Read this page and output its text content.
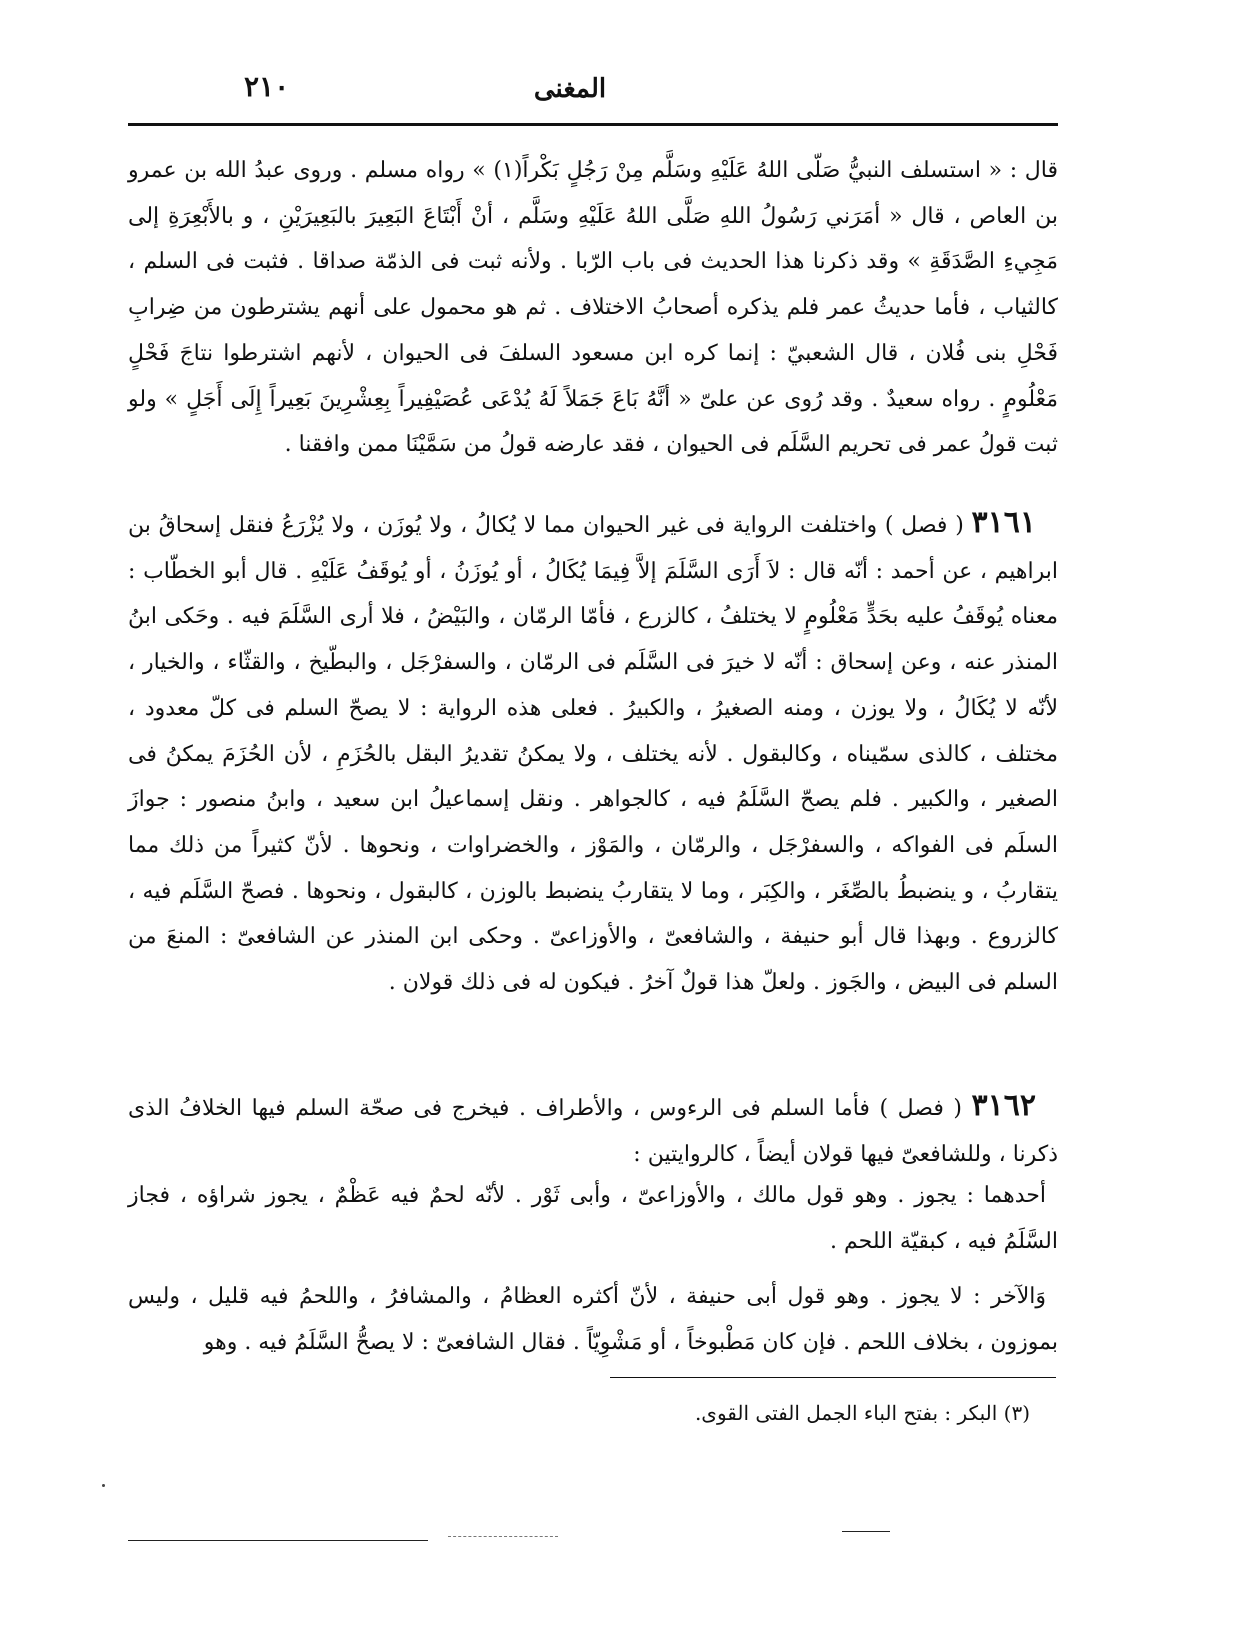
٢١٠	المغنى
قال : « استسلف النبيُّ صَلّى اللهُ عَلَيْهِ وسَلَّم مِنْ رَجُلٍ بَكْراً(١) » رواه مسلم . وروى عبدُ الله بن عمرو بن العاص ، قال « أمَرَني رَسُولُ اللهِ صَلَّى اللهُ عَلَيْهِ وسَلَّم ، أنْ أَبْتَاعَ البَعِيرَ بالبَعِيرَيْنِ ، و بالأَبْعِرَةِ إلى مَجِيءِ الصَّدَقَةِ » وقد ذكرنا هذا الحديث فى باب الرّبا . ولأنه ثبت فى الذمّة صداقا . فثبت فى السلم ، كالثياب ، فأما حديثُ عمر فلم يذكره أصحابُ الاختلاف . ثم هو محمول على أنهم يشترطون من ضِرابِ فَحْلِ بنى فُلان ، قال الشعبيّ : إنما كره ابن مسعود السلفَ فى الحيوان ، لأنهم اشترطوا نتاجَ فَحْلٍ مَعْلُومٍ . رواه سعيدٌ . وقد رُوى عن علىّ « أنَّهُ بَاعَ جَمَلاً لَهُ يُدْعَى عُصَيْفِيراً بِعِشْرِينَ بَعِيراً إِلَى أَجَلٍ » ولو ثبت قولُ عمر فى تحريم السَّلَم فى الحيوان ، فقد عارضه قولُ من سَمَّيْنَا ممن وافقنا .
٣١٦١ ( فصل ) واختلفت الرواية فى غير الحيوان مما لا يُكالُ ، ولا يُوزَن ، ولا يُزْرَعُ فنقل إسحاقُ بن ابراهيم ، عن أحمد : أنّه قال : لاَ أَرَى السَّلَمَ إلاَّ فِيمَا يُكَالُ ، أو يُوزَنُ ، أو يُوقَفُ عَلَيْهِ . قال أبو الخطّاب : معناه يُوقَفُ عليه بحَدٍّ مَعْلُومٍ لا يختلفُ ، كالزرع ، فأمّا الرمّان ، والبَيْضُ ، فلا أرى السَّلَمَ فيه . وحَكى ابنُ المنذر عنه ، وعن إسحاق : أنّه لا خيرَ فى السَّلَم فى الرمّان ، والسفرْجَل ، والبطّيخ ، والقثّاء ، والخيار ، لأنّه لا يُكَالُ ، ولا يوزن ، ومنه الصغيرُ ، والكبيرُ . فعلى هذه الرواية : لا يصحّ السلم فى كلّ معدود ، مختلف ، كالذى سمّيناه ، وكالبقول . لأنه يختلف ، ولا يمكنُ تقديرُ البقل بالحُزَمِ ، لأن الحُزَمَ يمكنُ فى الصغير ، والكبير . فلم يصحّ السَّلَمُ فيه ، كالجواهر . ونقل إسماعيلُ ابن سعيد ، وابنُ منصور : جوازَ السلَم فى الفواكه ، والسفرْجَل ، والرمّان ، والمَوْز ، والخضراوات ، ونحوها . لأنّ كثيراً من ذلك مما يتقاربُ ، و ينضبطُ بالصِّغَر ، والكِبَر ، وما لا يتقاربُ ينضبط بالوزن ، كالبقول ، ونحوها . فصحّ السَّلَم فيه ، كالزروع . وبهذا قال أبو حنيفة ، والشافعىّ ، والأوزاعىّ . وحكى ابن المنذر عن الشافعىّ : المنعَ من السلم فى البيض ، والجَوز . ولعلّ هذا قولٌ آخرُ . فيكون له فى ذلك قولان .
٣١٦٢ ( فصل ) فأما السلم فى الرءوس ، والأطراف . فيخرج فى صحّة السلم فيها الخلافُ الذى ذكرنا ، وللشافعىّ فيها قولان أيضاً ، كالروايتين :
أحدهما : يجوز . وهو قول مالك ، والأوزاعىّ ، وأبى ثَوْر . لأنّه لحمٌ فيه عَظْمٌ ، يجوز شراؤه ، فجاز السَّلَمُ فيه ، كبقيّة اللحم .
وَالآخر : لا يجوز . وهو قول أبى حنيفة ، لأنّ أكثره العظامُ ، والمشافرُ ، واللحمُ فيه قليل ، وليس بموزون ، بخلاف اللحم . فإن كان مَطْبوخاً ، أو مَشْوِيّاً . فقال الشافعىّ : لا يصحُّ السَّلَمُ فيه . وهو
(٣) البكر : بفتح الباء الجمل الفتى القوى.
